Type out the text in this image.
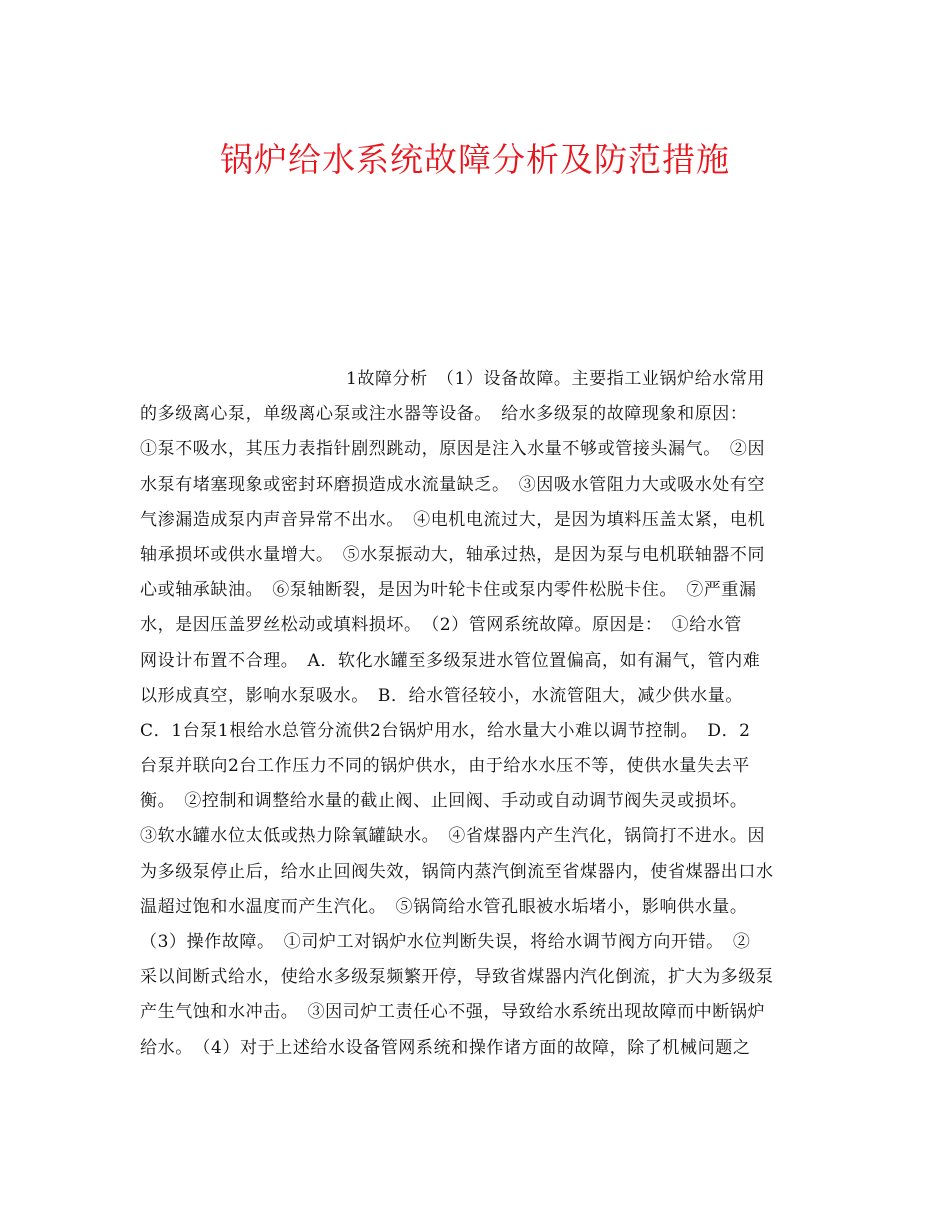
锅炉给水系统故障分析及防范措施
1故障分析　（1）设备故障。主要指工业锅炉给水常用
的多级离心泵，单级离心泵或注水器等设备。　给水多级泵的故障现象和原因：
①泵不吸水，其压力表指针剧烈跳动，原因是注入水量不够或管接头漏气。　②因
水泵有堵塞现象或密封环磨损造成水流量缺乏。　③因吸水管阻力大或吸水处有空
气渗漏造成泵内声音异常不出水。　④电机电流过大，是因为填料压盖太紧，电机
轴承损坏或供水量增大。　⑤水泵振动大，轴承过热，是因为泵与电机联轴器不同
心或轴承缺油。　⑥泵轴断裂，是因为叶轮卡住或泵内零件松脱卡住。　⑦严重漏
水，是因压盖罗丝松动或填料损坏。　（2）管网系统故障。原因是：　①给水管
网设计布置不合理。　A．软化水罐至多级泵进水管位置偏高，如有漏气，管内难
以形成真空，影响水泵吸水。　B．给水管径较小，水流管阻大，减少供水量。
C．1台泵1根给水总管分流供2台锅炉用水，给水量大小难以调节控制。　D．2
台泵并联向2台工作压力不同的锅炉供水，由于给水水压不等，使供水量失去平
衡。　②控制和调整给水量的截止阀、止回阀、手动或自动调节阀失灵或损坏。
③软水罐水位太低或热力除氧罐缺水。　④省煤器内产生汽化，锅筒打不进水。因
为多级泵停止后，给水止回阀失效，锅筒内蒸汽倒流至省煤器内，使省煤器出口水
温超过饱和水温度而产生汽化。　⑤锅筒给水管孔眼被水垢堵小，影响供水量。
（3）操作故障。　①司炉工对锅炉水位判断失误，将给水调节阀方向开错。　②
采以间断式给水，使给水多级泵频繁开停，导致省煤器内汽化倒流，扩大为多级泵
产生气蚀和水冲击。　③因司炉工责任心不强，导致给水系统出现故障而中断锅炉
给水。　（4）对于上述给水设备管网系统和操作诸方面的故障，除了机械问题之
